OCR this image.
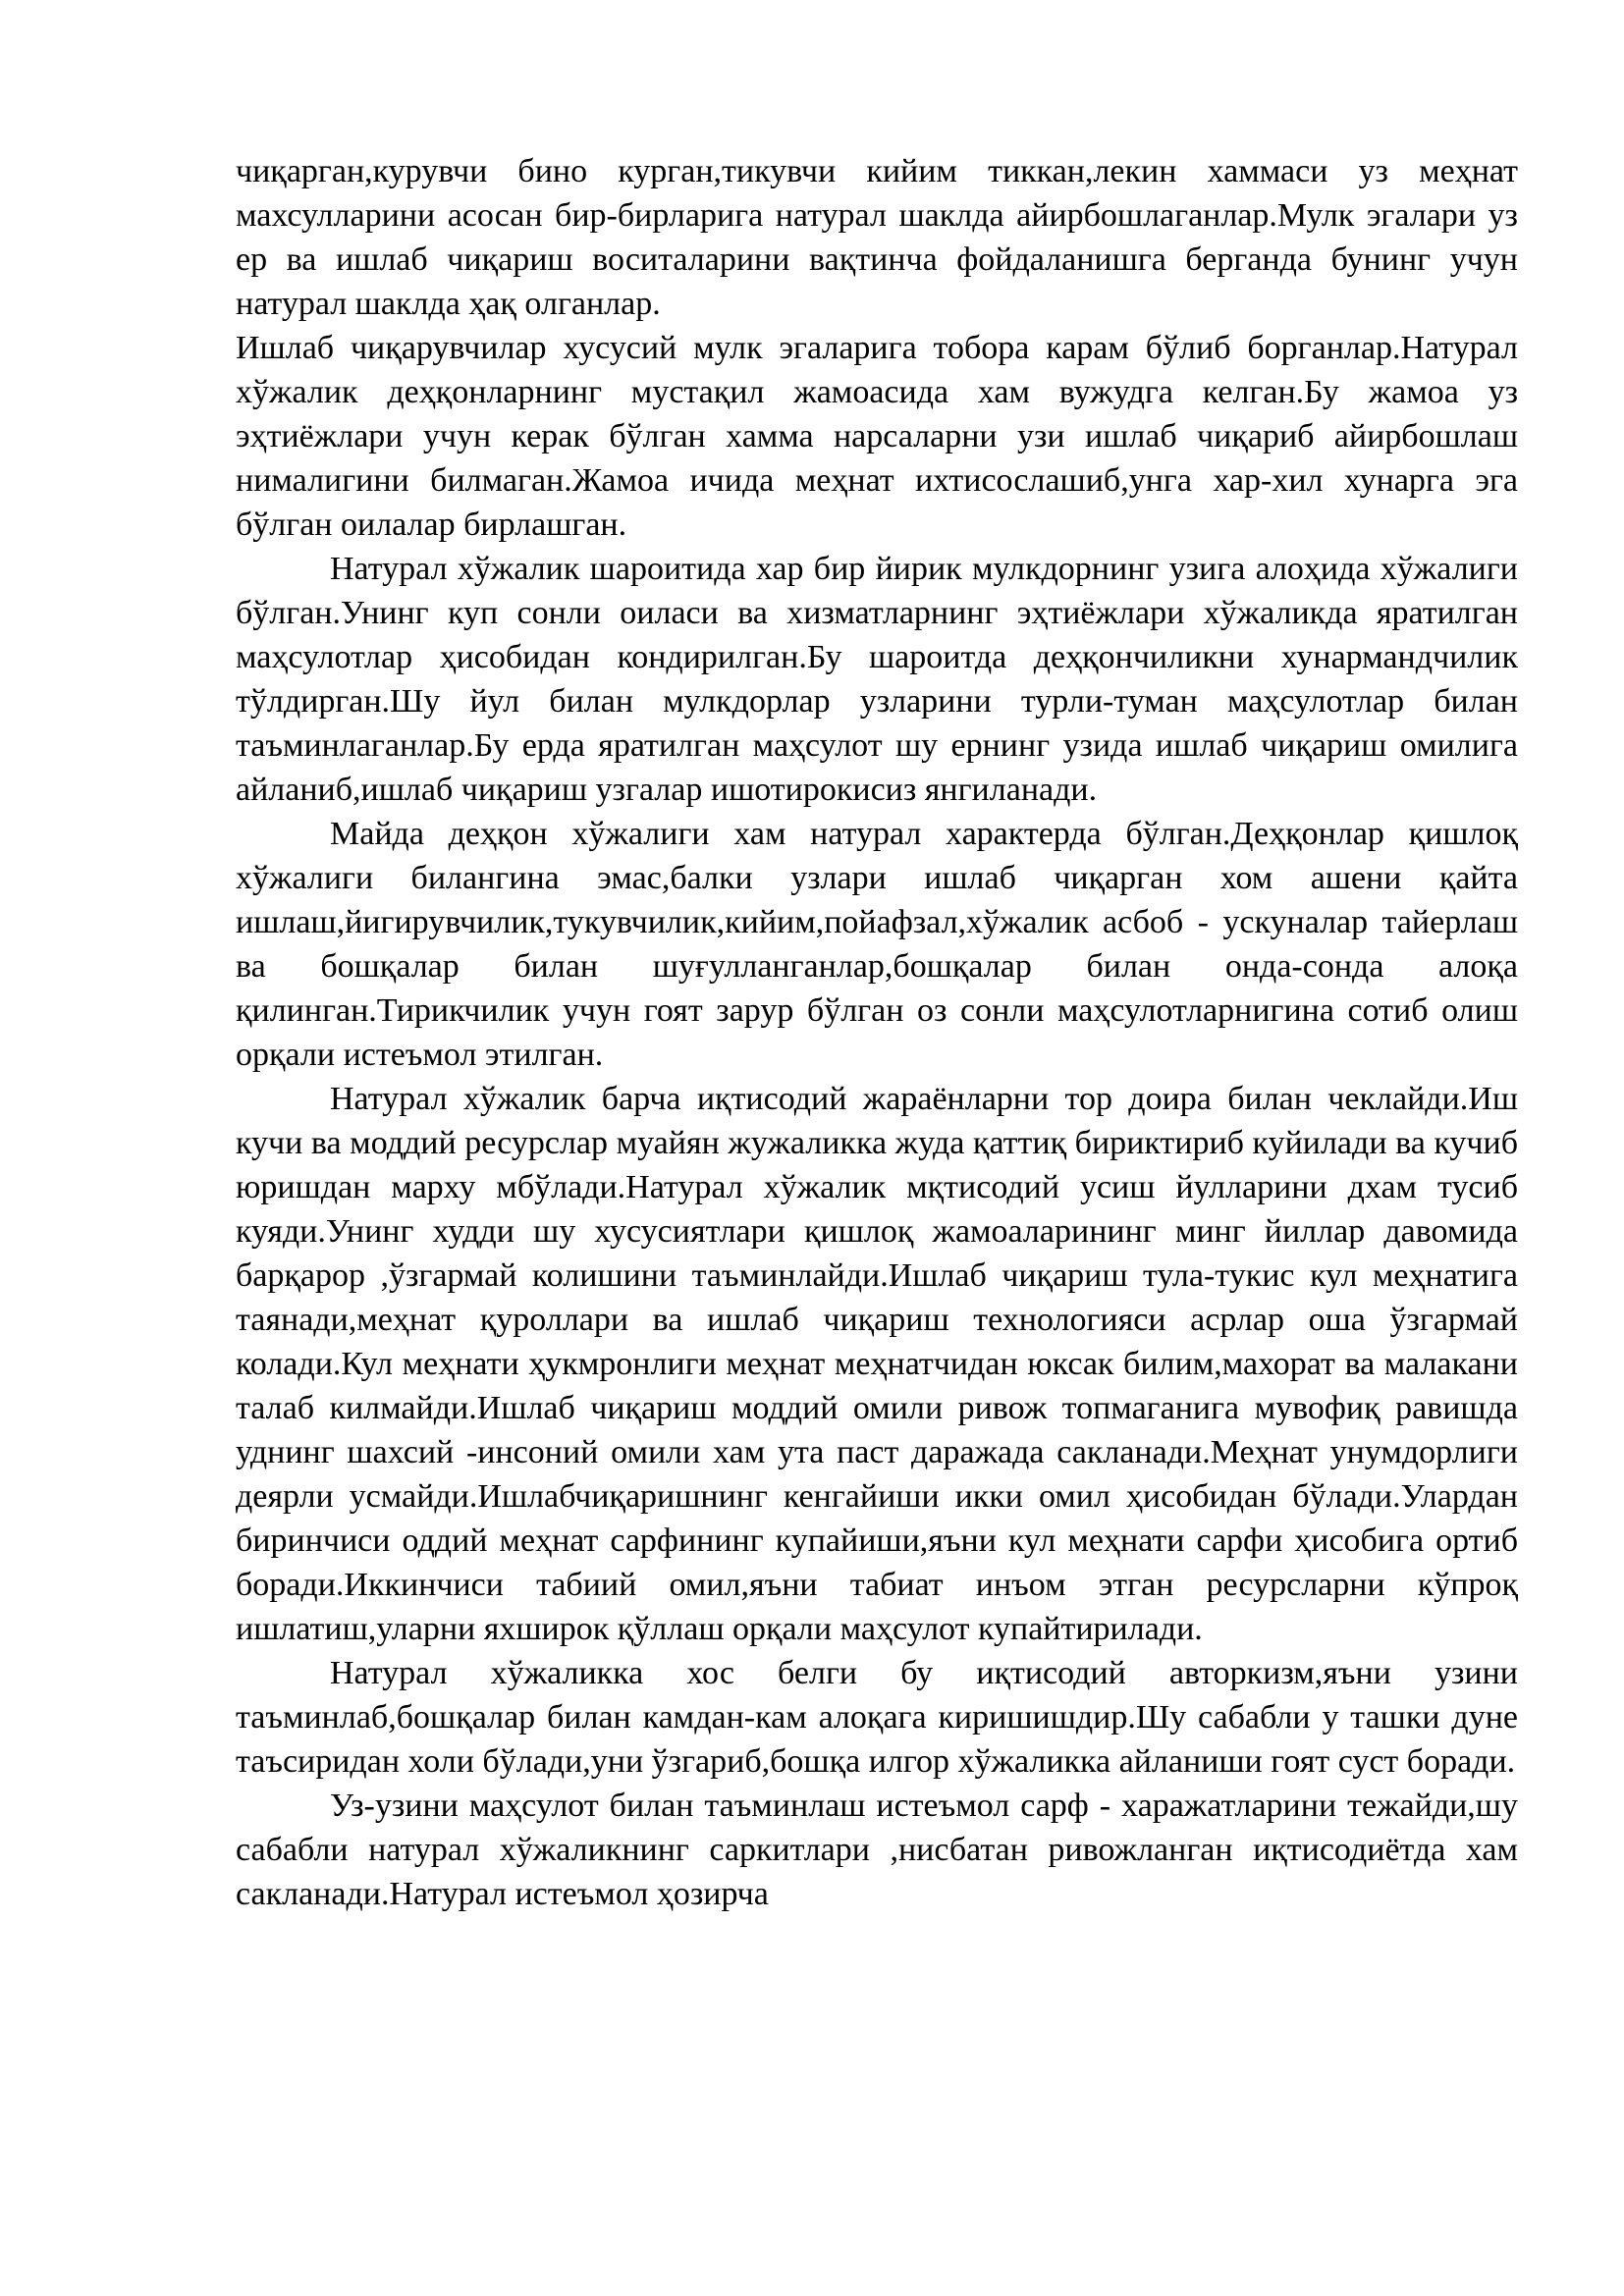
чиқарган,курувчи бино курган,тикувчи кийим тиккан,лекин хаммаси уз меҳнат махсулларини асосан бир-бирларига натурал шаклда айирбошлаганлар.Мулк эгалари уз ер ва ишлаб чиқариш воситаларини вақтинча фойдаланишга берганда бунинг учун натурал шаклда ҳақ олганлар.

Ишлаб чиқарувчилар хусусий мулк эгаларига тобора карам бўлиб борганлар.Натурал хўжалик деҳқонларнинг мустақил жамоасида хам вужудга келган.Бу жамоа уз эҳтиёжлари учун керак бўлган хамма нарсаларни узи ишлаб чиқариб айирбошлаш нималигини билмаган.Жамоа ичида меҳнат ихтисослашиб,унга хар-хил хунарга эга бўлган оилалар бирлашган.

Натурал хўжалик шароитида хар бир йирик мулкдорнинг узига алоҳида хўжалиги бўлган.Унинг куп сонли оиласи ва хизматларнинг эҳтиёжлари хўжаликда яратилган маҳсулотлар ҳисобидан кондирилган.Бу шароитда деҳқончиликни хунармандчилик тўлдирган.Шу йул билан мулкдорлар узларини турли-туман маҳсулотлар билан таъминлаганлар.Бу ерда яратилган маҳсулот шу ернинг узида ишлаб чиқариш омилига айланиб,ишлаб чиқариш узгалар ишотирокисиз янгиланади.

Майда деҳқон хўжалиги хам натурал характерда бўлган.Деҳқонлар қишлоқ хўжалиги билангина эмас,балки узлари ишлаб чиқарган хом ашени қайта ишлаш,йигирувчилик,тукувчилик,кийим,пойафзал,хўжалик асбоб - ускуналар тайерлаш ва бошқалар билан шуғулланганлар,бошқалар билан онда-сонда алоқа қилинган.Тирикчилик учун гоят зарур бўлган оз сонли маҳсулотларнигина сотиб олиш орқали истеъмол этилган.

Натурал хўжалик барча иқтисодий жараёнларни тор доира билан чеклайди.Иш кучи ва моддий ресурслар муайян жужаликка жуда қаттиқ бириктириб куйилади ва кучиб юришдан марху мбўлади.Натурал хўжалик мқтисодий усиш йулларини дхам тусиб куяди.Унинг худди шу хусусиятлари қишлоқ жамоаларининг минг йиллар давомида барқарор ,ўзгармай колишини таъминлайди.Ишлаб чиқариш тула-тукис кул меҳнатига таянади,меҳнат қуроллари ва ишлаб чиқариш технологияси асрлар оша ўзгармай колади.Кул меҳнати ҳукмронлиги меҳнат меҳнатчидан юксак билим,махорат ва малакани талаб килмайди.Ишлаб чиқариш моддий омили ривож топмаганига мувофиқ равишда уднинг шахсий -инсоний омили хам ута паст даражада сакланади.Меҳнат унумдорлиги деярли усмайди.Ишлабчиқаришнинг кенгайиши икки омил ҳисобидан бўлади.Улардан биринчиси оддий меҳнат сарфининг купайиши,яъни кул меҳнати сарфи ҳисобига ортиб боради.Иккинчиси табиий омил,яъни табиат инъом этган ресурсларни кўпроқ ишлатиш,уларни яхширок қўллаш орқали маҳсулот купайтирилади.

Натурал хўжаликка хос белги бу иқтисодий авторкизм,яъни узини таъминлаб,бошқалар билан камдан-кам алоқага киришишдир.Шу сабабли у ташки дуне таъсиридан холи бўлади,уни ўзгариб,бошқа илгор хўжаликка айланиши гоят суст боради.

Уз-узини маҳсулот билан таъминлаш истеъмол сарф - харажатларини тежайди,шу сабабли натурал хўжаликнинг саркитлари ,нисбатан ривожланган иқтисодиётда хам сакланади.Натурал истеъмол ҳозирча
